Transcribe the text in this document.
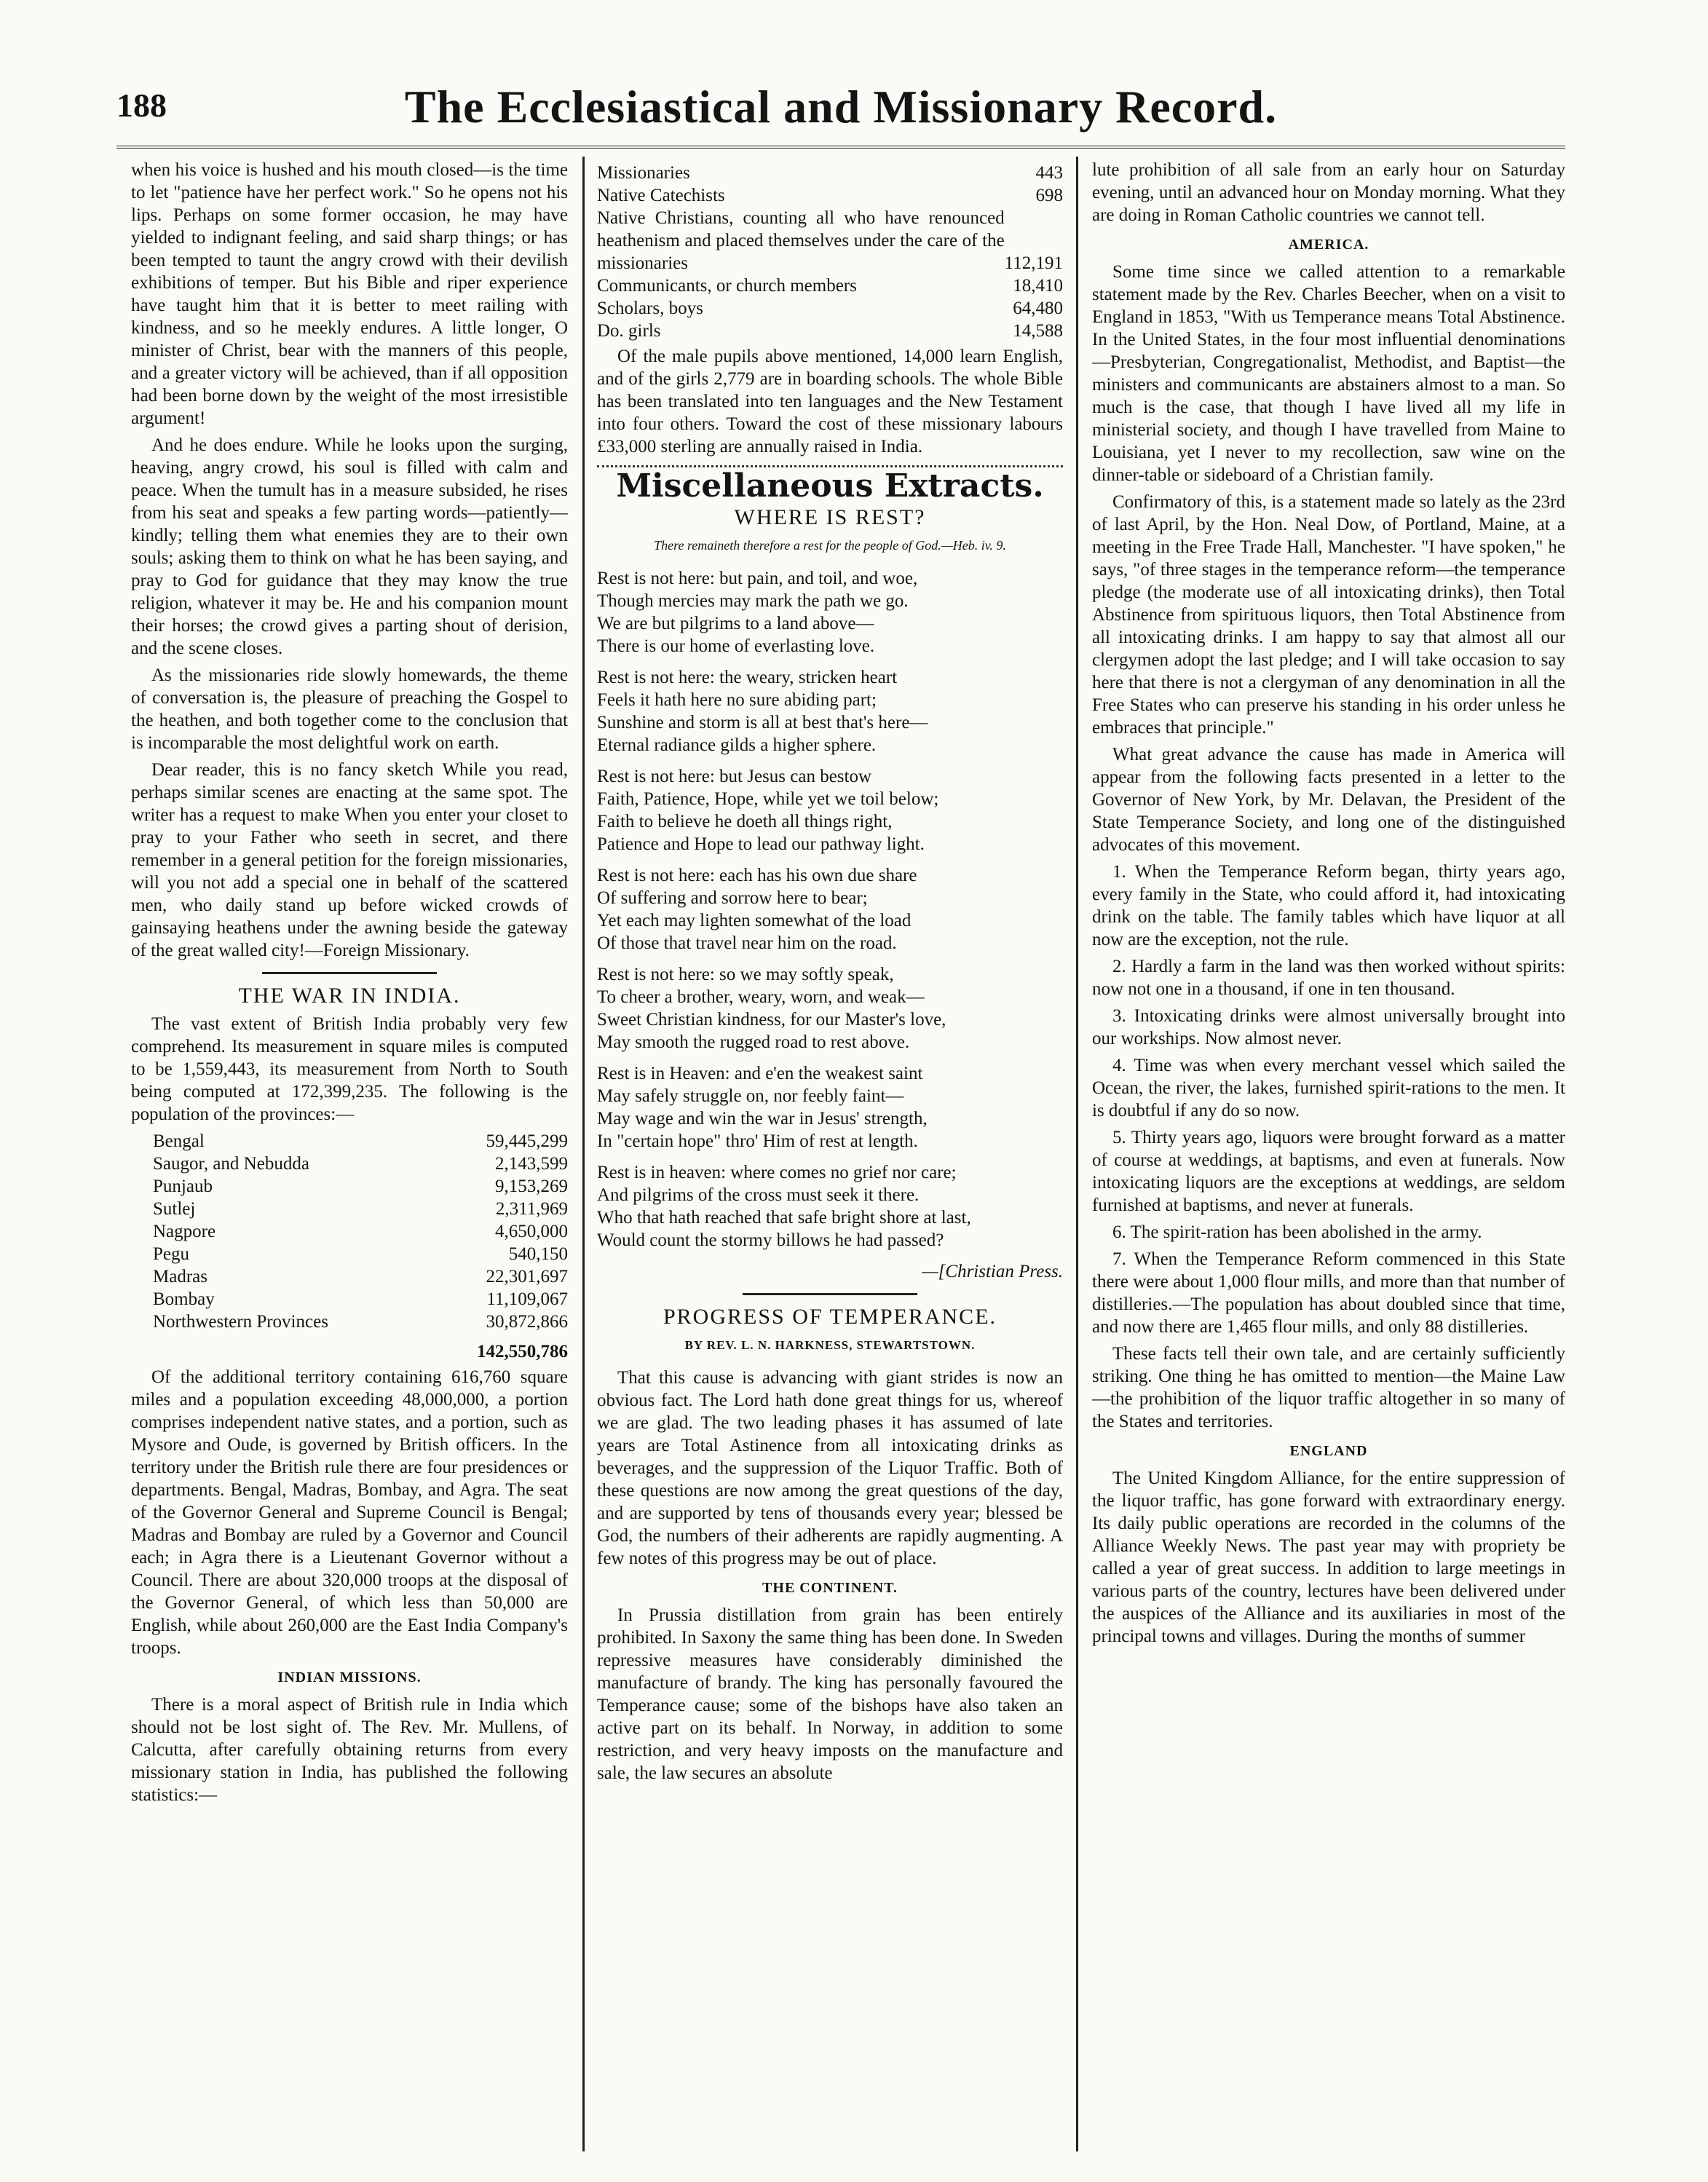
The Ecclesiastical and Missionary Record.
188

when his voice is hushed and his mouth closed—is the time to let "patience have her perfect work." So he opens not his lips. Perhaps on some former occasion, he may have yielded to indignant feeling, and said sharp things; or has been tempted to taunt the angry crowd with their devilish exhibitions of temper. But his Bible and riper experience have taught him that it is better to meet railing with kindness, and so he meekly endures. A little longer, O minister of Christ, bear with the manners of this people, and a greater victory will be achieved, than if all opposition had been borne down by the weight of the most irresistible argument!

And he does endure. While he looks upon the surging, heaving, angry crowd, his soul is filled with calm and peace. When the tumult has in a measure subsided, he rises from his seat and speaks a few parting words—patiently—kindly; telling them what enemies they are to their own souls; asking them to think on what he has been saying, and pray to God for guidance that they may know the true religion, whatever it may be. He and his companion mount their horses; the crowd gives a parting shout of derision, and the scene closes.

As the missionaries ride slowly homewards, the theme of conversation is, the pleasure of preaching the Gospel to the heathen, and both together come to the conclusion that is incomparable the most delightful work on earth.

Dear reader, this is no fancy sketch While you read, perhaps similar scenes are enacting at the same spot. The writer has a request to make When you enter your closet to pray to your Father who seeth in secret, and there remember in a general petition for the foreign missionaries, will you not add a special one in behalf of the scattered men, who daily stand up before wicked crowds of gainsaying heathens under the awning beside the gateway of the great walled city!—Foreign Missionary.

THE WAR IN INDIA.

The vast extent of British India probably very few comprehend. Its measurement in square miles is computed to be 1,559,443, its measurement from North to South being computed at 172,399,235. The following is the population of the provinces:—

Bengal	59,445,299
Saugor, and Nebudda	2,143,599
Punjaub	9,153,269
Sutlej	2,311,969
Nagpore	4,650,000
Pegu	540,150
Madras	22,301,697
Bombay	11,109,067
Northwestern Provinces	30,872,866
	142,550,786

Of the additional territory containing 616,760 square miles and a population exceeding 48,000,000, a portion comprises independent native states, and a portion, such as Mysore and Oude, is governed by British officers. In the territory under the British rule there are four presidences or departments. Bengal, Madras, Bombay, and Agra. The seat of the Governor General and Supreme Council is Bengal; Madras and Bombay are ruled by a Governor and Council each; in Agra there is a Lieutenant Governor without a Council. There are about 320,000 troops at the disposal of the Governor General, of which less than 50,000 are English, while about 260,000 are the East India Company's troops.

INDIAN MISSIONS.

There is a moral aspect of British rule in India which should not be lost sight of. The Rev. Mr. Mullens, of Calcutta, after carefully obtaining returns from every missionary station in India, has published the following statistics:—

Missionaries	443
Native Catechists	698
Native Christians, counting all who have renounced heathenism and placed themselves under the care of the missionaries	112,191
Communicants, or church members	18,410
Scholars, boys	64,480
Do. girls	14,588

Of the male pupils above mentioned, 14,000 learn English, and of the girls 2,779 are in boarding schools. The whole Bible has been translated into ten languages and the New Testament into four others. Toward the cost of these missionary labours £33,000 sterling are annually raised in India.

Miscellaneous Extracts.
WHERE IS REST?
There remaineth therefore a rest for the people of God.—Heb. iv. 9.
Rest is not here: but pain, and toil, and woe,
Though mercies may mark the path we go.
We are but pilgrims to a land above—
There is our home of everlasting love.
Rest is not here: the weary, stricken heart
Feels it hath here no sure abiding part;
Sunshine and storm is all at best that's here—
Eternal radiance gilds a higher sphere.
Rest is not here: but Jesus can bestow
Faith, Patience, Hope, while yet we toil below;
Faith to believe he doeth all things right,
Patience and Hope to lead our pathway light.
Rest is not here: each has his own due share
Of suffering and sorrow here to bear;
Yet each may lighten somewhat of the load
Of those that travel near him on the road.
Rest is not here: so we may softly speak,
To cheer a brother, weary, worn, and weak—
Sweet Christian kindness, for our Master's love,
May smooth the rugged road to rest above.
Rest is in Heaven: and e'en the weakest saint
May safely struggle on, nor feebly faint—
May wage and win the war in Jesus' strength,
In "certain hope" thro' Him of rest at length.
Rest is in heaven: where comes no grief nor care;
And pilgrims of the cross must seek it there.
Who that hath reached that safe bright shore at last,
Would count the stormy billows he had passed?
—[Christian Press.
PROGRESS OF TEMPERANCE.
BY REV. L. N. HARKNESS, STEWARTSTOWN.

That this cause is advancing with giant strides is now an obvious fact. The Lord hath done great things for us, whereof we are glad. The two leading phases it has assumed of late years are Total Astinence from all intoxicating drinks as beverages, and the suppression of the Liquor Traffic. Both of these questions are now among the great questions of the day, and are supported by tens of thousands every year; blessed be God, the numbers of their adherents are rapidly augmenting. A few notes of this progress may be out of place.

THE CONTINENT.

In Prussia distillation from grain has been entirely prohibited. In Saxony the same thing has been done. In Sweden repressive measures have considerably diminished the manufacture of brandy. The king has personally favoured the Temperance cause; some of the bishops have also taken an active part on its behalf. In Norway, in addition to some restriction, and very heavy imposts on the manufacture and sale, the law secures an absolute

lute prohibition of all sale from an early hour on Saturday evening, until an advanced hour on Monday morning. What they are doing in Roman Catholic countries we cannot tell.

AMERICA.

Some time since we called attention to a remarkable statement made by the Rev. Charles Beecher, when on a visit to England in 1853, "With us Temperance means Total Abstinence. In the United States, in the four most influential denominations—Presbyterian, Congregationalist, Methodist, and Baptist—the ministers and communicants are abstainers almost to a man. So much is the case, that though I have lived all my life in ministerial society, and though I have travelled from Maine to Louisiana, yet I never to my recollection, saw wine on the dinner-table or sideboard of a Christian family.

Confirmatory of this, is a statement made so lately as the 23rd of last April, by the Hon. Neal Dow, of Portland, Maine, at a meeting in the Free Trade Hall, Manchester. "I have spoken," he says, "of three stages in the temperance reform—the temperance pledge (the moderate use of all intoxicating drinks), then Total Abstinence from spirituous liquors, then Total Abstinence from all intoxicating drinks. I am happy to say that almost all our clergymen adopt the last pledge; and I will take occasion to say here that there is not a clergyman of any denomination in all the Free States who can preserve his standing in his order unless he embraces that principle."

What great advance the cause has made in America will appear from the following facts presented in a letter to the Governor of New York, by Mr. Delavan, the President of the State Temperance Society, and long one of the distinguished advocates of this movement.

1. When the Temperance Reform began, thirty years ago, every family in the State, who could afford it, had intoxicating drink on the table. The family tables which have liquor at all now are the exception, not the rule.

2. Hardly a farm in the land was then worked without spirits: now not one in a thousand, if one in ten thousand.

3. Intoxicating drinks were almost universally brought into our workships. Now almost never.

4. Time was when every merchant vessel which sailed the Ocean, the river, the lakes, furnished spirit-rations to the men. It is doubtful if any do so now.

5. Thirty years ago, liquors were brought forward as a matter of course at weddings, at baptisms, and even at funerals. Now intoxicating liquors are the exceptions at weddings, are seldom furnished at baptisms, and never at funerals.

6. The spirit-ration has been abolished in the army.

7. When the Temperance Reform commenced in this State there were about 1,000 flour mills, and more than that number of distilleries.—The population has about doubled since that time, and now there are 1,465 flour mills, and only 88 distilleries.

These facts tell their own tale, and are certainly sufficiently striking. One thing he has omitted to mention—the Maine Law—the prohibition of the liquor traffic altogether in so many of the States and territories.

ENGLAND

The United Kingdom Alliance, for the entire suppression of the liquor traffic, has gone forward with extraordinary energy. Its daily public operations are recorded in the columns of the Alliance Weekly News. The past year may with propriety be called a year of great success. In addition to large meetings in various parts of the country, lectures have been delivered under the auspices of the Alliance and its auxiliaries in most of the principal towns and villages. During the months of summer
